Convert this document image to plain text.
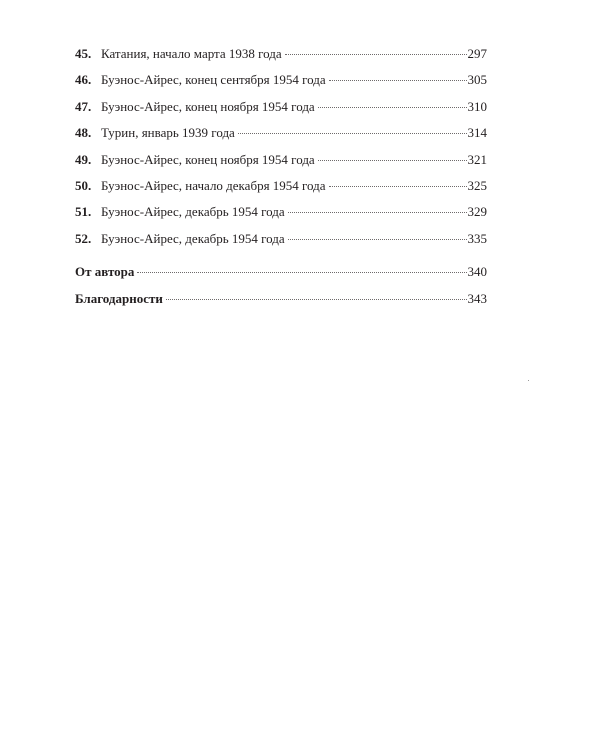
45. Катания, начало марта 1938 года	297
46. Буэнос-Айрес, конец сентября 1954 года	305
47. Буэнос-Айрес, конец ноября 1954 года	310
48. Турин, январь 1939 года	314
49. Буэнос-Айрес, конец ноября 1954 года	321
50. Буэнос-Айрес, начало декабря 1954 года	325
51. Буэнос-Айрес, декабрь 1954 года	329
52. Буэнос-Айрес, декабрь 1954 года	335
От автора	340
Благодарности	343
